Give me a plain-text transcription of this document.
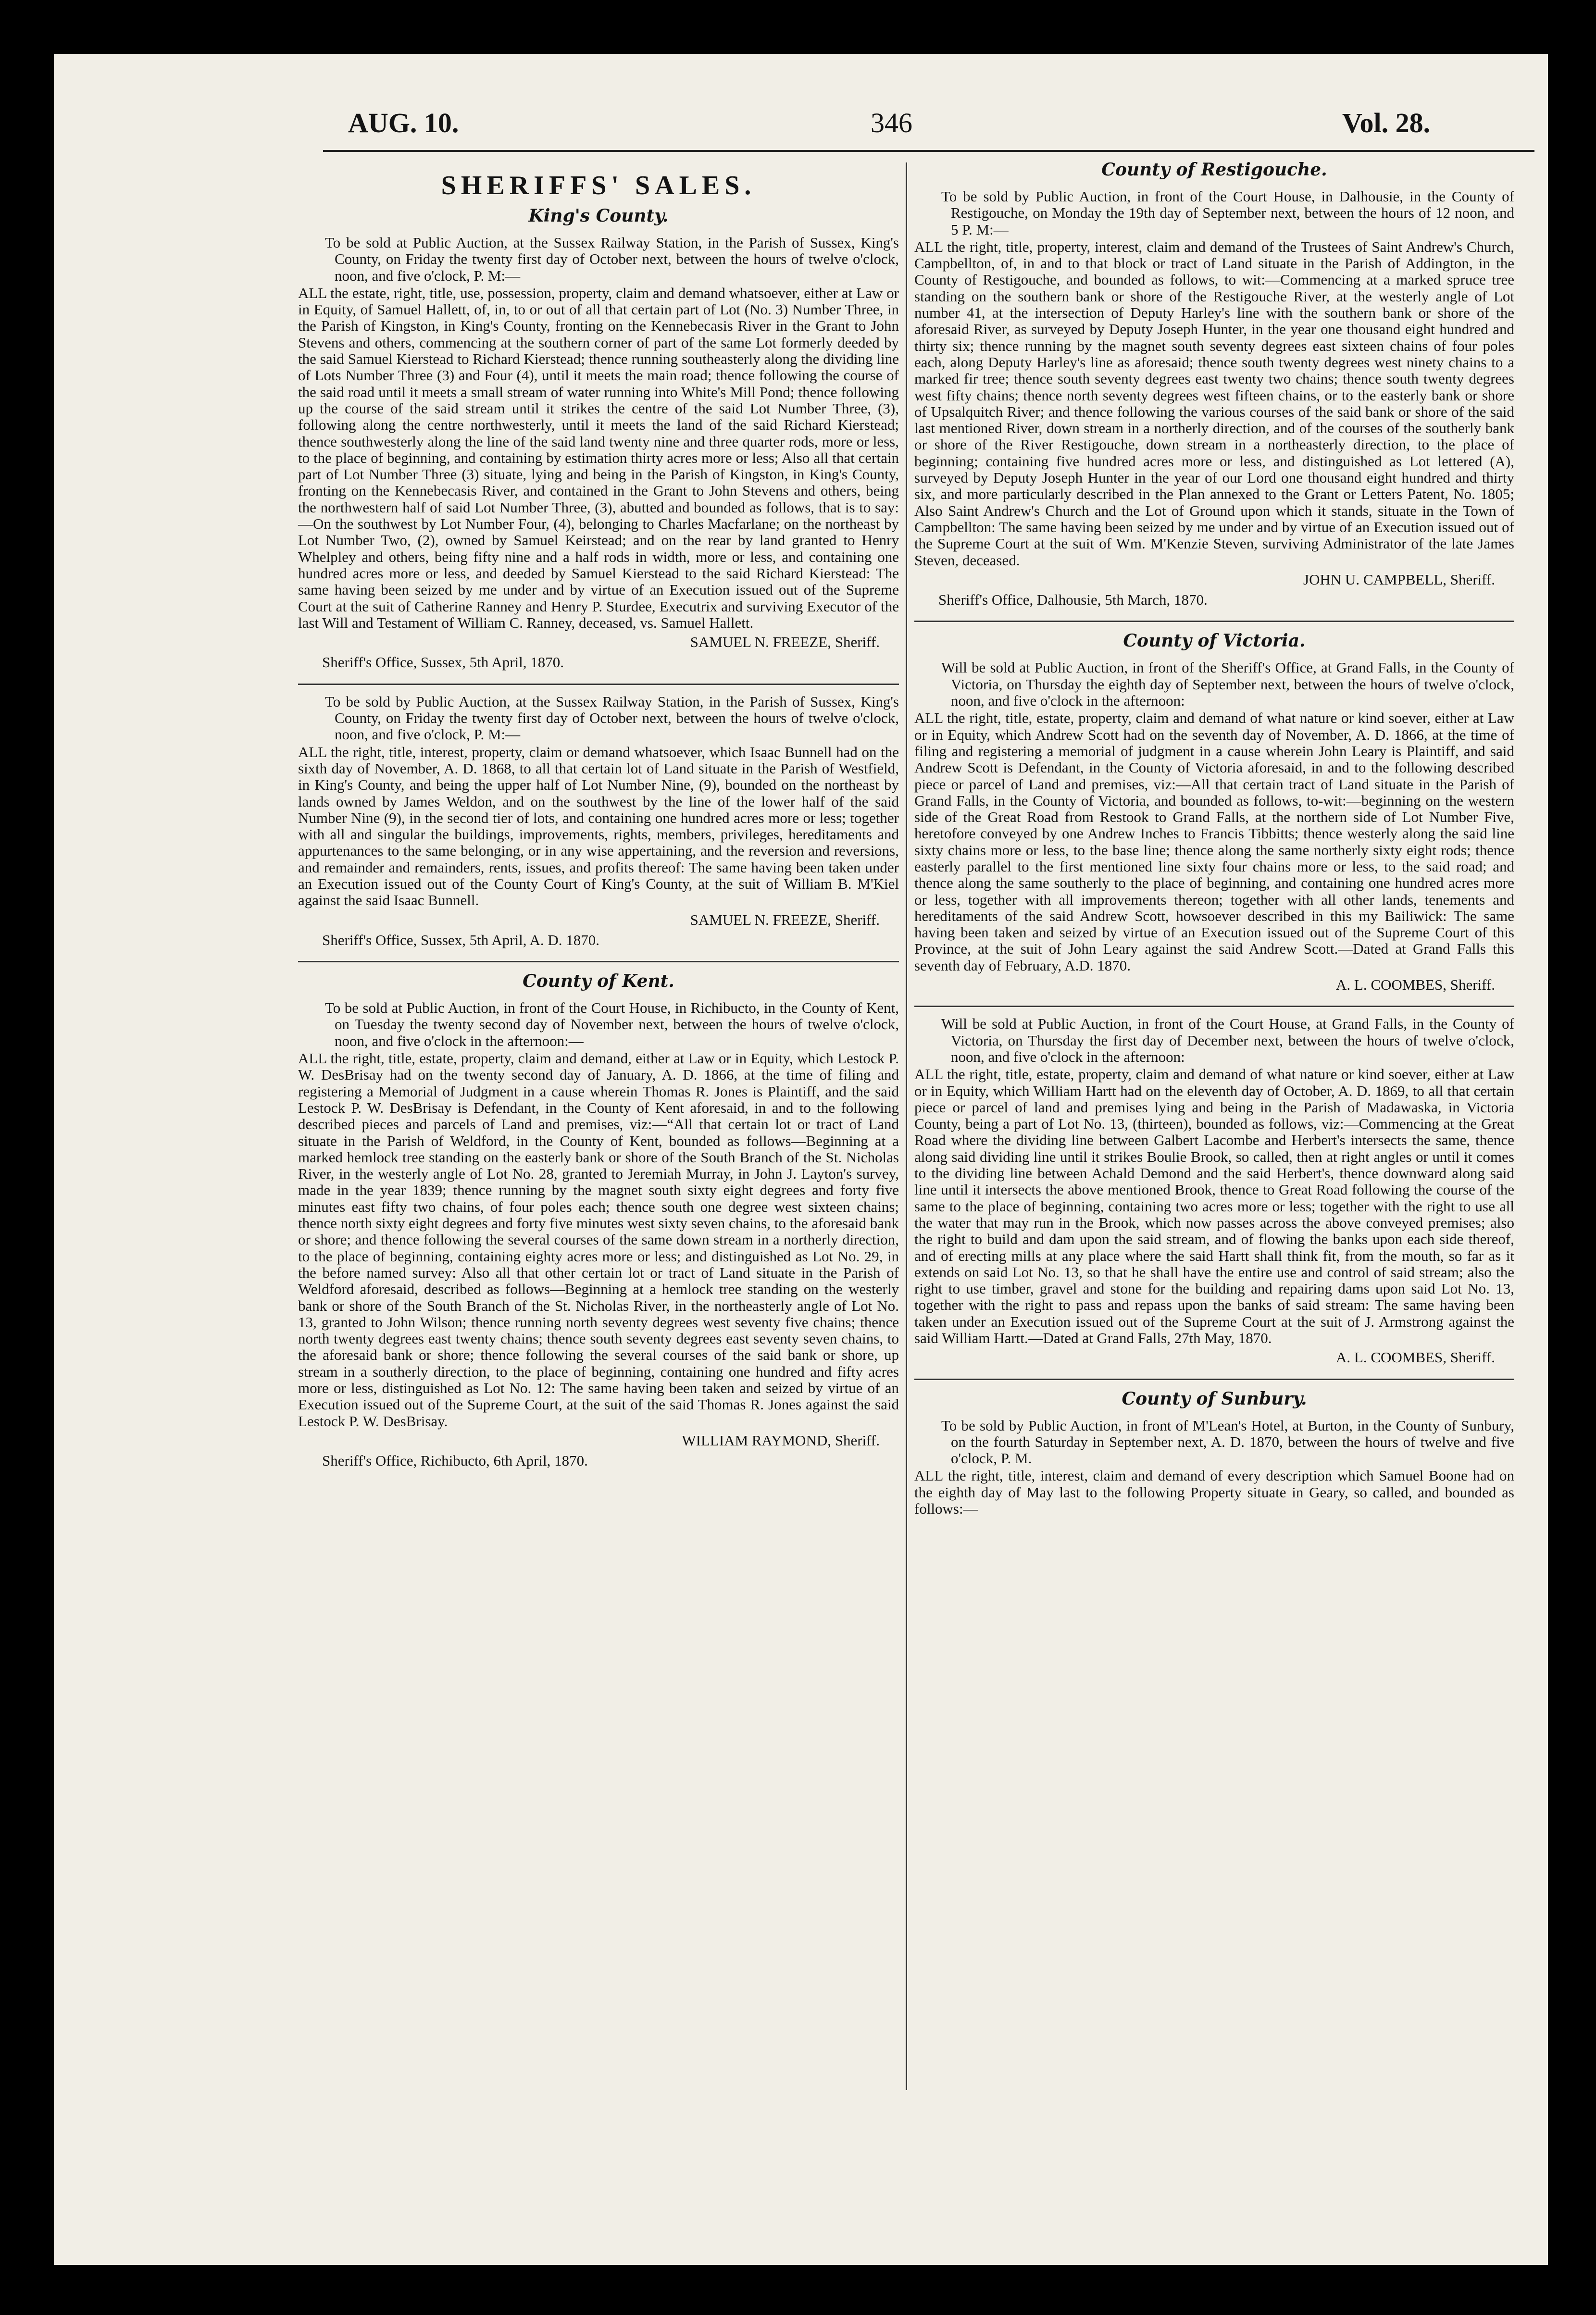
AUG. 10.	346	Vol. 28.
SHERIFFS' SALES.
King's County.

To be sold at Public Auction, at the Sussex Railway Station, in the Parish of Sussex, King's County, on Friday the twenty first day of October next, between the hours of twelve o'clock, noon, and five o'clock, P. M:—

ALL the estate, right, title, use, possession, property, claim and demand whatsoever, either at Law or in Equity, of Samuel Hallett, of, in, to or out of all that certain part of Lot (No. 3) Number Three, in the Parish of Kingston, in King's County, fronting on the Kennebecasis River in the Grant to John Stevens and others, commencing at the southern corner of part of the same Lot formerly deeded by the said Samuel Kierstead to Richard Kierstead; thence running southeasterly along the dividing line of Lots Number Three (3) and Four (4), until it meets the main road; thence following the course of the said road until it meets a small stream of water running into White's Mill Pond; thence following up the course of the said stream until it strikes the centre of the said Lot Number Three, (3), following along the centre northwesterly, until it meets the land of the said Richard Kierstead; thence southwesterly along the line of the said land twenty nine and three quarter rods, more or less, to the place of beginning, and containing by estimation thirty acres more or less; Also all that certain part of Lot Number Three (3) situate, lying and being in the Parish of Kingston, in King's County, fronting on the Kennebecasis River, and contained in the Grant to John Stevens and others, being the northwestern half of said Lot Number Three, (3), abutted and bounded as follows, that is to say:—On the southwest by Lot Number Four, (4), belonging to Charles Macfarlane; on the northeast by Lot Number Two, (2), owned by Samuel Keirstead; and on the rear by land granted to Henry Whelpley and others, being fifty nine and a half rods in width, more or less, and containing one hundred acres more or less, and deeded by Samuel Kierstead to the said Richard Kierstead: The same having been seized by me under and by virtue of an Execution issued out of the Supreme Court at the suit of Catherine Ranney and Henry P. Sturdee, Executrix and surviving Executor of the last Will and Testament of William C. Ranney, deceased, vs. Samuel Hallett.

SAMUEL N. FREEZE, Sheriff.

Sheriff's Office, Sussex, 5th April, 1870.

To be sold by Public Auction, at the Sussex Railway Station, in the Parish of Sussex, King's County, on Friday the twenty first day of October next, between the hours of twelve o'clock, noon, and five o'clock, P. M:—

ALL the right, title, interest, property, claim or demand whatsoever, which Isaac Bunnell had on the sixth day of November, A. D. 1868, to all that certain lot of Land situate in the Parish of Westfield, in King's County, and being the upper half of Lot Number Nine, (9), bounded on the northeast by lands owned by James Weldon, and on the southwest by the line of the lower half of the said Number Nine (9), in the second tier of lots, and containing one hundred acres more or less; together with all and singular the buildings, improvements, rights, members, privileges, hereditaments and appurtenances to the same belonging, or in any wise appertaining, and the reversion and reversions, and remainder and remainders, rents, issues, and profits thereof: The same having been taken under an Execution issued out of the County Court of King's County, at the suit of William B. M'Kiel against the said Isaac Bunnell.

SAMUEL N. FREEZE, Sheriff.

Sheriff's Office, Sussex, 5th April, A. D. 1870.

County of Kent.

To be sold at Public Auction, in front of the Court House, in Richibucto, in the County of Kent, on Tuesday the twenty second day of November next, between the hours of twelve o'clock, noon, and five o'clock in the afternoon:—

ALL the right, title, estate, property, claim and demand, either at Law or in Equity, which Lestock P. W. DesBrisay had on the twenty second day of January, A. D. 1866, at the time of filing and registering a Memorial of Judgment in a cause wherein Thomas R. Jones is Plaintiff, and the said Lestock P. W. DesBrisay is Defendant, in the County of Kent aforesaid, in and to the following described pieces and parcels of Land and premises, viz:—“All that certain lot or tract of Land situate in the Parish of Weldford, in the County of Kent, bounded as follows—Beginning at a marked hemlock tree standing on the easterly bank or shore of the South Branch of the St. Nicholas River, in the westerly angle of Lot No. 28, granted to Jeremiah Murray, in John J. Layton's survey, made in the year 1839; thence running by the magnet south sixty eight degrees and forty five minutes east fifty two chains, of four poles each; thence south one degree west sixteen chains; thence north sixty eight degrees and forty five minutes west sixty seven chains, to the aforesaid bank or shore; and thence following the several courses of the same down stream in a northerly direction, to the place of beginning, containing eighty acres more or less; and distinguished as Lot No. 29, in the before named survey: Also all that other certain lot or tract of Land situate in the Parish of Weldford aforesaid, described as follows—Beginning at a hemlock tree standing on the westerly bank or shore of the South Branch of the St. Nicholas River, in the northeasterly angle of Lot No. 13, granted to John Wilson; thence running north seventy degrees west seventy five chains; thence north twenty degrees east twenty chains; thence south seventy degrees east seventy seven chains, to the aforesaid bank or shore; thence following the several courses of the said bank or shore, up stream in a southerly direction, to the place of beginning, containing one hundred and fifty acres more or less, distinguished as Lot No. 12: The same having been taken and seized by virtue of an Execution issued out of the Supreme Court, at the suit of the said Thomas R. Jones against the said Lestock P. W. DesBrisay.

WILLIAM RAYMOND, Sheriff.

Sheriff's Office, Richibucto, 6th April, 1870.

County of Restigouche.

To be sold by Public Auction, in front of the Court House, in Dalhousie, in the County of Restigouche, on Monday the 19th day of September next, between the hours of 12 noon, and 5 P. M:—

ALL the right, title, property, interest, claim and demand of the Trustees of Saint Andrew's Church, Campbellton, of, in and to that block or tract of Land situate in the Parish of Addington, in the County of Restigouche, and bounded as follows, to wit:—Commencing at a marked spruce tree standing on the southern bank or shore of the Restigouche River, at the westerly angle of Lot number 41, at the intersection of Deputy Harley's line with the southern bank or shore of the aforesaid River, as surveyed by Deputy Joseph Hunter, in the year one thousand eight hundred and thirty six; thence running by the magnet south seventy degrees east sixteen chains of four poles each, along Deputy Harley's line as aforesaid; thence south twenty degrees west ninety chains to a marked fir tree; thence south seventy degrees east twenty two chains; thence south twenty degrees west fifty chains; thence north seventy degrees west fifteen chains, or to the easterly bank or shore of Upsalquitch River; and thence following the various courses of the said bank or shore of the said last mentioned River, down stream in a northerly direction, and of the courses of the southerly bank or shore of the River Restigouche, down stream in a northeasterly direction, to the place of beginning; containing five hundred acres more or less, and distinguished as Lot lettered (A), surveyed by Deputy Joseph Hunter in the year of our Lord one thousand eight hundred and thirty six, and more particularly described in the Plan annexed to the Grant or Letters Patent, No. 1805; Also Saint Andrew's Church and the Lot of Ground upon which it stands, situate in the Town of Campbellton: The same having been seized by me under and by virtue of an Execution issued out of the Supreme Court at the suit of Wm. M'Kenzie Steven, surviving Administrator of the late James Steven, deceased.

JOHN U. CAMPBELL, Sheriff.

Sheriff's Office, Dalhousie, 5th March, 1870.

County of Victoria.

Will be sold at Public Auction, in front of the Sheriff's Office, at Grand Falls, in the County of Victoria, on Thursday the eighth day of September next, between the hours of twelve o'clock, noon, and five o'clock in the afternoon:

ALL the right, title, estate, property, claim and demand of what nature or kind soever, either at Law or in Equity, which Andrew Scott had on the seventh day of November, A. D. 1866, at the time of filing and registering a memorial of judgment in a cause wherein John Leary is Plaintiff, and said Andrew Scott is Defendant, in the County of Victoria aforesaid, in and to the following described piece or parcel of Land and premises, viz:—All that certain tract of Land situate in the Parish of Grand Falls, in the County of Victoria, and bounded as follows, to-wit:—beginning on the western side of the Great Road from Restook to Grand Falls, at the northern side of Lot Number Five, heretofore conveyed by one Andrew Inches to Francis Tibbitts; thence westerly along the said line sixty chains more or less, to the base line; thence along the same northerly sixty eight rods; thence easterly parallel to the first mentioned line sixty four chains more or less, to the said road; and thence along the same southerly to the place of beginning, and containing one hundred acres more or less, together with all improvements thereon; together with all other lands, tenements and hereditaments of the said Andrew Scott, howsoever described in this my Bailiwick: The same having been taken and seized by virtue of an Execution issued out of the Supreme Court of this Province, at the suit of John Leary against the said Andrew Scott.—Dated at Grand Falls this seventh day of February, A.D. 1870.

A. L. COOMBES, Sheriff.

Will be sold at Public Auction, in front of the Court House, at Grand Falls, in the County of Victoria, on Thursday the first day of December next, between the hours of twelve o'clock, noon, and five o'clock in the afternoon:

ALL the right, title, estate, property, claim and demand of what nature or kind soever, either at Law or in Equity, which William Hartt had on the eleventh day of October, A. D. 1869, to all that certain piece or parcel of land and premises lying and being in the Parish of Madawaska, in Victoria County, being a part of Lot No. 13, (thirteen), bounded as follows, viz:—Commencing at the Great Road where the dividing line between Galbert Lacombe and Herbert's intersects the same, thence along said dividing line until it strikes Boulie Brook, so called, then at right angles or until it comes to the dividing line between Achald Demond and the said Herbert's, thence downward along said line until it intersects the above mentioned Brook, thence to Great Road following the course of the same to the place of beginning, containing two acres more or less; together with the right to use all the water that may run in the Brook, which now passes across the above conveyed premises; also the right to build and dam upon the said stream, and of flowing the banks upon each side thereof, and of erecting mills at any place where the said Hartt shall think fit, from the mouth, so far as it extends on said Lot No. 13, so that he shall have the entire use and control of said stream; also the right to use timber, gravel and stone for the building and repairing dams upon said Lot No. 13, together with the right to pass and repass upon the banks of said stream: The same having been taken under an Execution issued out of the Supreme Court at the suit of J. Armstrong against the said William Hartt.—Dated at Grand Falls, 27th May, 1870.

A. L. COOMBES, Sheriff.

County of Sunbury.

To be sold by Public Auction, in front of M'Lean's Hotel, at Burton, in the County of Sunbury, on the fourth Saturday in September next, A. D. 1870, between the hours of twelve and five o'clock, P. M.

ALL the right, title, interest, claim and demand of every description which Samuel Boone had on the eighth day of May last to the following Property situate in Geary, so called, and bounded as follows:—
